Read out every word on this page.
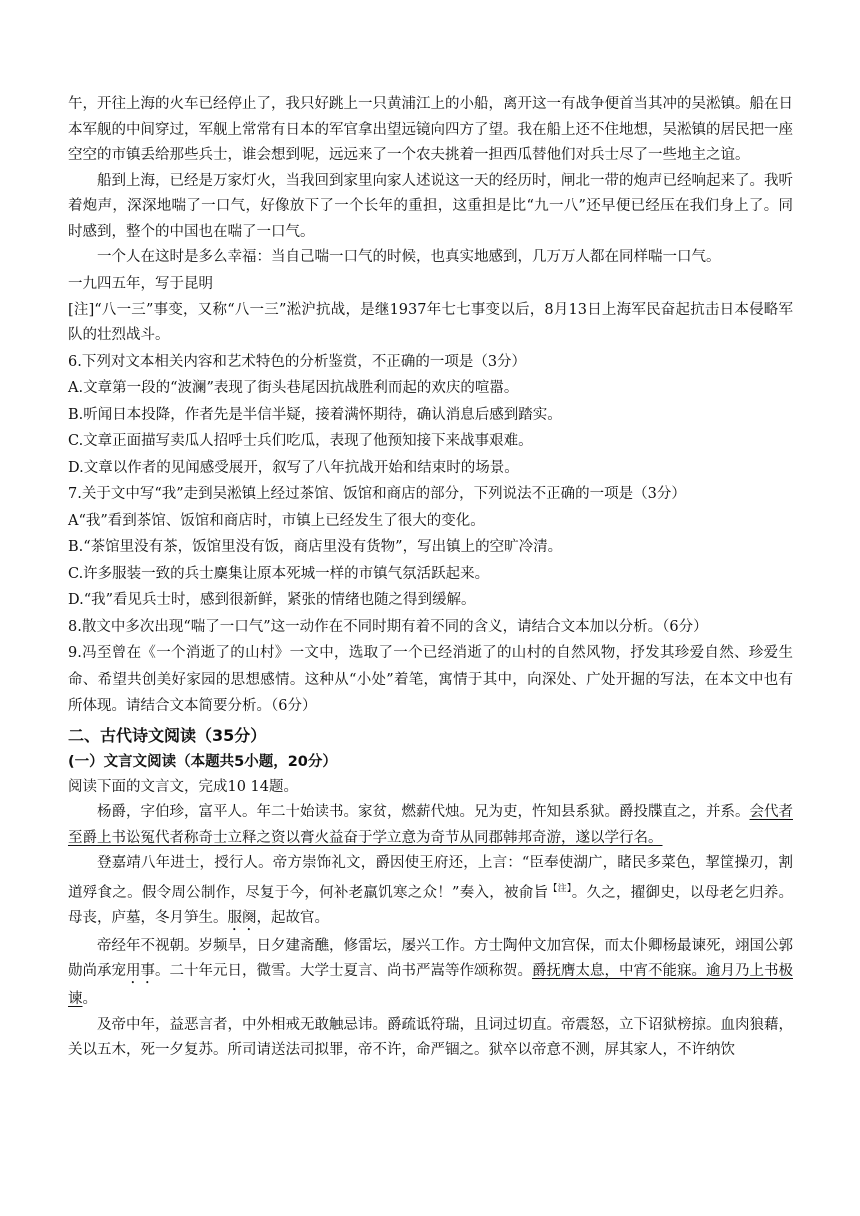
午，开往上海的火车已经停止了，我只好跳上一只黄浦江上的小船，离开这一有战争便首当其冲的吴淞镇。船在日本军舰的中间穿过，军舰上常常有日本的军官拿出望远镜向四方了望。我在船上还不住地想，吴淞镇的居民把一座空空的市镇丢给那些兵士，谁会想到呢，远远来了一个农夫挑着一担西瓜替他们对兵士尽了一些地主之谊。

船到上海，已经是万家灯火，当我回到家里向家人述说这一天的经历时，闸北一带的炮声已经响起来了。我听着炮声，深深地喘了一口气，好像放下了一个长年的重担，这重担是比“九一八”还早便已经压在我们身上了。同时感到，整个的中国也在喘了一口气。

一个人在这时是多么幸福：当自己喘一口气的时候，也真实地感到，几万万人都在同样喘一口气。

一九四五年，写于昆明

[注]“八一三”事变，又称“八一三”淞沪抗战，是继1937年七七事变以后，8月13日上海军民奋起抗击日本侵略军队的壮烈战斗。

6.下列对文本相关内容和艺术特色的分析鉴赏，不正确的一项是（3分）

A.文章第一段的“波澜”表现了街头巷尾因抗战胜利而起的欢庆的喧嚣。

B.听闻日本投降，作者先是半信半疑，接着满怀期待，确认消息后感到踏实。

C.文章正面描写卖瓜人招呼士兵们吃瓜，表现了他预知接下来战事艰难。

D.文章以作者的见闻感受展开，叙写了八年抗战开始和结束时的场景。

7.关于文中写“我”走到吴淞镇上经过茶馆、饭馆和商店的部分，下列说法不正确的一项是（3分）

A“我”看到茶馆、饭馆和商店时，市镇上已经发生了很大的变化。

B.“茶馆里没有茶，饭馆里没有饭，商店里没有货物”，写出镇上的空旷冷清。

C.许多服装一致的兵士麇集让原本死城一样的市镇气氛活跃起来。

D.“我”看见兵士时，感到很新鲜，紧张的情绪也随之得到缓解。

8.散文中多次出现“喘了一口气”这一动作在不同时期有着不同的含义，请结合文本加以分析。（6分）

9.冯至曾在《一个消逝了的山村》一文中，选取了一个已经消逝了的山村的自然风物，抒发其珍爱自然、珍爱生命、希望共创美好家园的思想感情。这种从“小处”着笔，寓情于其中，向深处、广处开掘的写法，在本文中也有所体现。请结合文本简要分析。（6分）

二、古代诗文阅读（35分）
(一）文言文阅读（本题共5小题，20分）

阅读下面的文言文，完成10 14题。

杨爵，字伯珍，富平人。年二十始读书。家贫，燃薪代烛。兄为吏，忤知县系狱。爵投牒直之，并系。会代者至爵上书讼冤代者称奇士立释之资以膏火益奋于学立意为奇节从同郡韩邦奇游，遂以学行名。

登嘉靖八年进士，授行人。帝方崇饰礼文，爵因使王府还，上言：“臣奉使湖广，睹民多菜色，挈筐操刃，割道殍食之。假令周公制作，尽复于今，何补老羸饥寒之众！”奏入，被俞旨$^{【注】}$。久之，擢御史，以母老乞归养。母丧，庐墓，冬月笋生。服阕，起故官。

帝经年不视朝。岁频旱，日夕建斋醮，修雷坛，屡兴工作。方士陶仲文加宫保，而太仆卿杨最谏死，翊国公郭勋尚承宠用事。二十年元日，微雪。大学士夏言、尚书严嵩等作颂称贺。爵抚膺太息，中宵不能寐。逾月乃上书极谏。

及帝中年，益恶言者，中外相戒无敢触忌讳。爵疏诋符瑞，且词过切直。帝震怒，立下诏狱榜掠。血肉狼藉，关以五木，死一夕复苏。所司请送法司拟罪，帝不许，命严锢之。狱卒以帝意不测，屏其家人，不许纳饮
